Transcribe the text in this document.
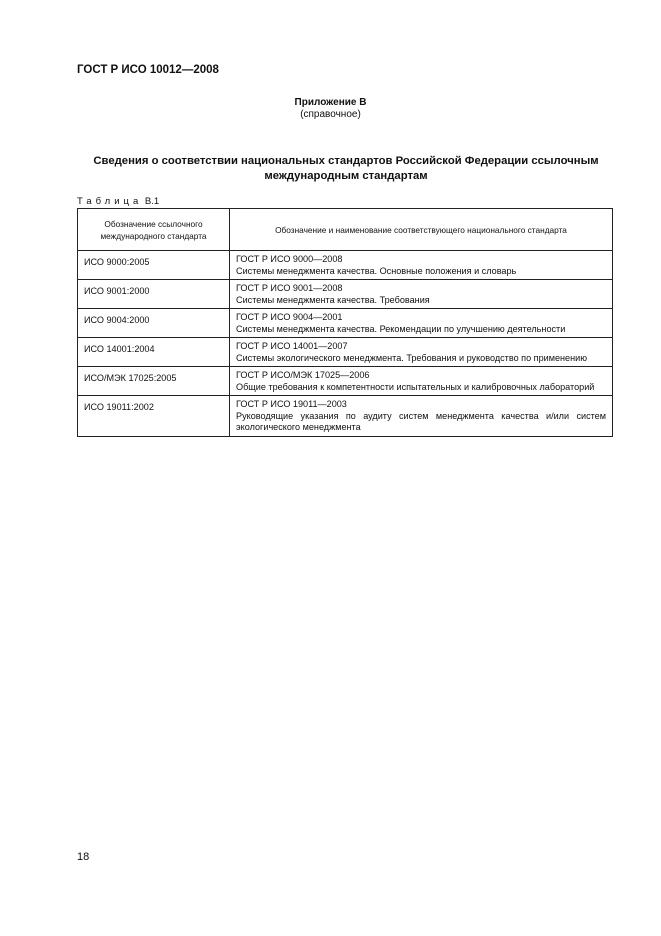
ГОСТ Р ИСО 10012—2008
Приложение В
(справочное)
Сведения о соответствии национальных стандартов Российской Федерации ссылочным международным стандартам
Таблица В.1
Обозначение ссылочного международного стандарта	Обозначение и наименование соответствующего национального стандарта
ИСО 9000:2005	ГОСТ Р ИСО 9000—2008
Системы менеджмента качества. Основные положения и словарь

ИСО 9001:2000	ГОСТ Р ИСО 9001—2008
Системы менеджмента качества. Требования

ИСО 9004:2000	ГОСТ Р ИСО 9004—2001
Системы менеджмента качества. Рекомендации по улучшению деятельности

ИСО 14001:2004	ГОСТ Р ИСО 14001—2007
Системы экологического менеджмента. Требования и руководство по применению

ИСО/МЭК 17025:2005	ГОСТ Р ИСО/МЭК 17025—2006
Общие требования к компетентности испытательных и калибровочных лабораторий

ИСО 19011:2002	ГОСТ Р ИСО 19011—2003
Руководящие указания по аудиту систем менеджмента качества и/или систем экологического менеджмента
18
